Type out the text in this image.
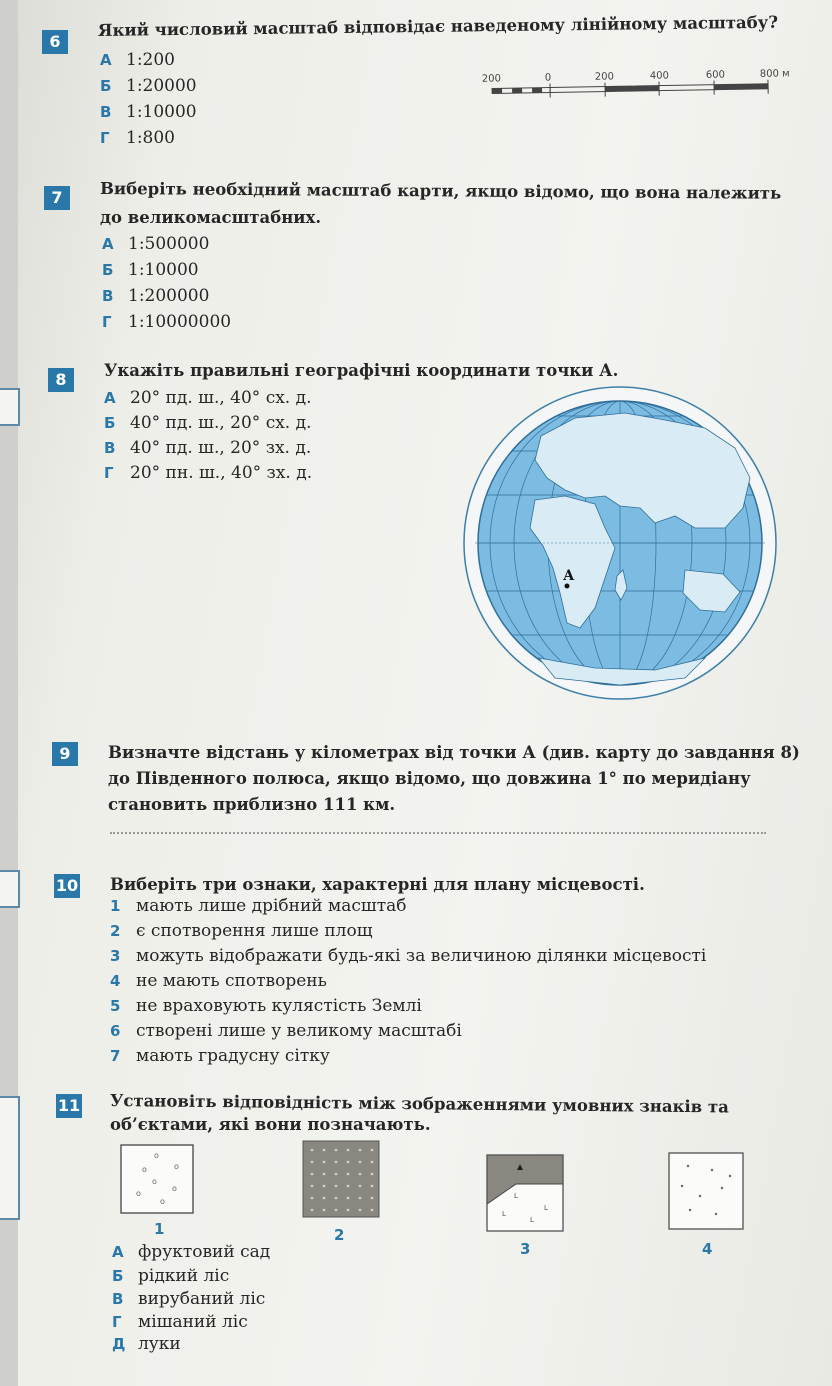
6
Який числовий масштаб відповідає наведеному лінійному масштабу?
А 1:200
Б 1:20000
В 1:10000
Г 1:800
200	0	200	400	600	800 м
7	Виберіть необхідний масштаб карти, якщо відомо, що вона належить
до великомасштабних.
А 1:500000
Б 1:10000
В 1:200000
Г 1:10000000
8	Укажіть правильні географічні координати точки А.
А 20° пд. ш., 40° сх. д.
Б 40° пд. ш., 20° сх. д.
В 40° пд. ш., 20° зх. д.
Г 20° пн. ш., 40° зх. д.
А
9	Визначте відстань у кілометрах від точки А (див. карту до завдання 8)
до Південного полюса, якщо відомо, що довжина 1° по меридіану
становить приблизно 111 км.
10 Виберіть три ознаки, характерні для плану місцевості.
1 мають лише дрібний масштаб
2 є спотворення лише площ
3 можуть відображати будь-які за величиною ділянки місцевості
4 не мають спотворень
5 не враховують кулястість Землі
6 створені лише у великому масштабі
7 мають градусну сітку
11 Установіть відповідність між зображеннями умовних знаків та
об’єктами, які вони позначають.
o
o	o
o
o
o
o
1	2
L
L
L
L
3	4
А фруктовий сад
Б рідкий ліс
В вирубаний ліс
Г мішаний ліс
Д луки
